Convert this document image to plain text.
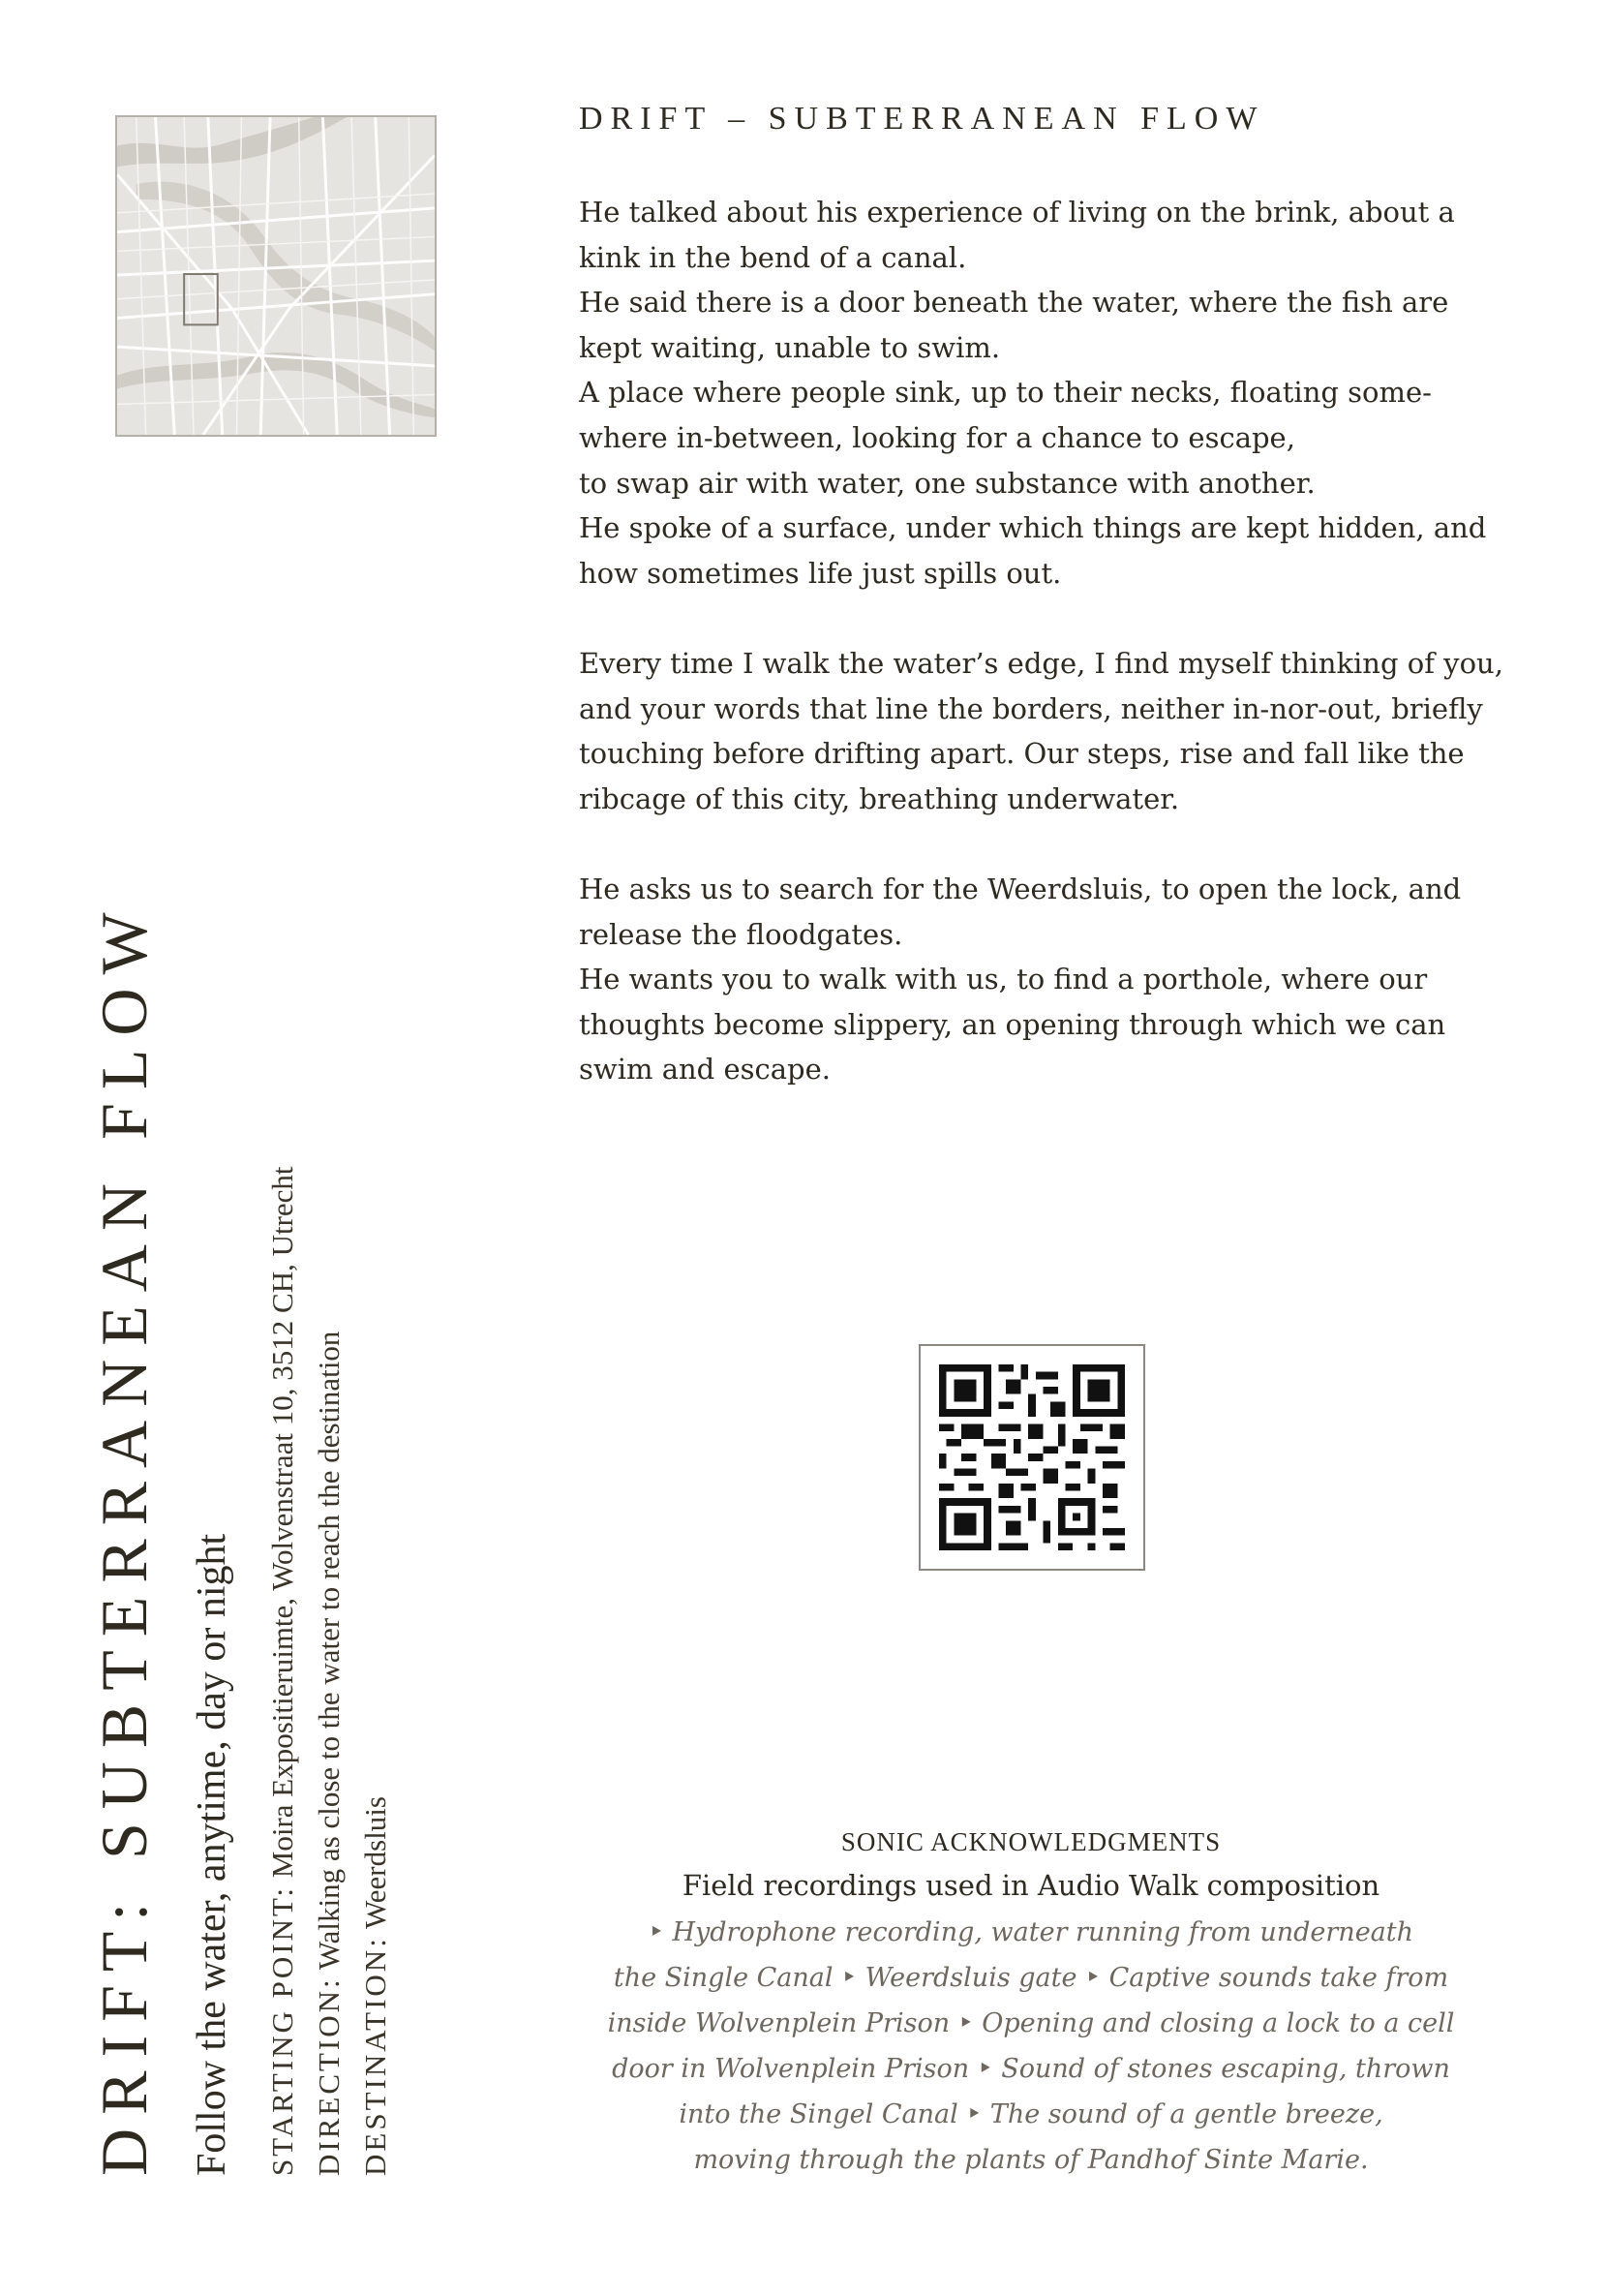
DRIFT: SUBTERRANEAN FLOW Follow the water, anytime, day or night	STARTING POINT: Moira Expositieruimte, Wolvenstraat 10, 3512 CH, Utrecht
DIRECTION: Walking as close to the water to reach the destination
DESTINATION: Weerdsluis
DRIFT – SUBTERRANEAN FLOW

He talked about his experience of living on the brink, about a
kink in the bend of a canal.
He said there is a door beneath the water, where the fish are
kept waiting, unable to swim.
A place where people sink, up to their necks, floating some-
where in-between, looking for a chance to escape,
to swap air with water, one substance with another.
He spoke of a surface, under which things are kept hidden, and
how sometimes life just spills out.

Every time I walk the water’s edge, I find myself thinking of you,
and your words that line the borders, neither in-nor-out, briefly
touching before drifting apart. Our steps, rise and fall like the
ribcage of this city, breathing underwater.

He asks us to search for the Weerdsluis, to open the lock, and
release the floodgates.
He wants you to walk with us, to find a porthole, where our
thoughts become slippery, an opening through which we can
swim and escape.

SONIC ACKNOWLEDGMENTS
Field recordings used in Audio Walk composition
‣ Hydrophone recording, water running from underneath
the Single Canal ‣ Weerdsluis gate ‣ Captive sounds take from
inside Wolvenplein Prison ‣ Opening and closing a lock to a cell
door in Wolvenplein Prison ‣ Sound of stones escaping, thrown
into the Singel Canal ‣ The sound of a gentle breeze,
moving through the plants of Pandhof Sinte Marie.
